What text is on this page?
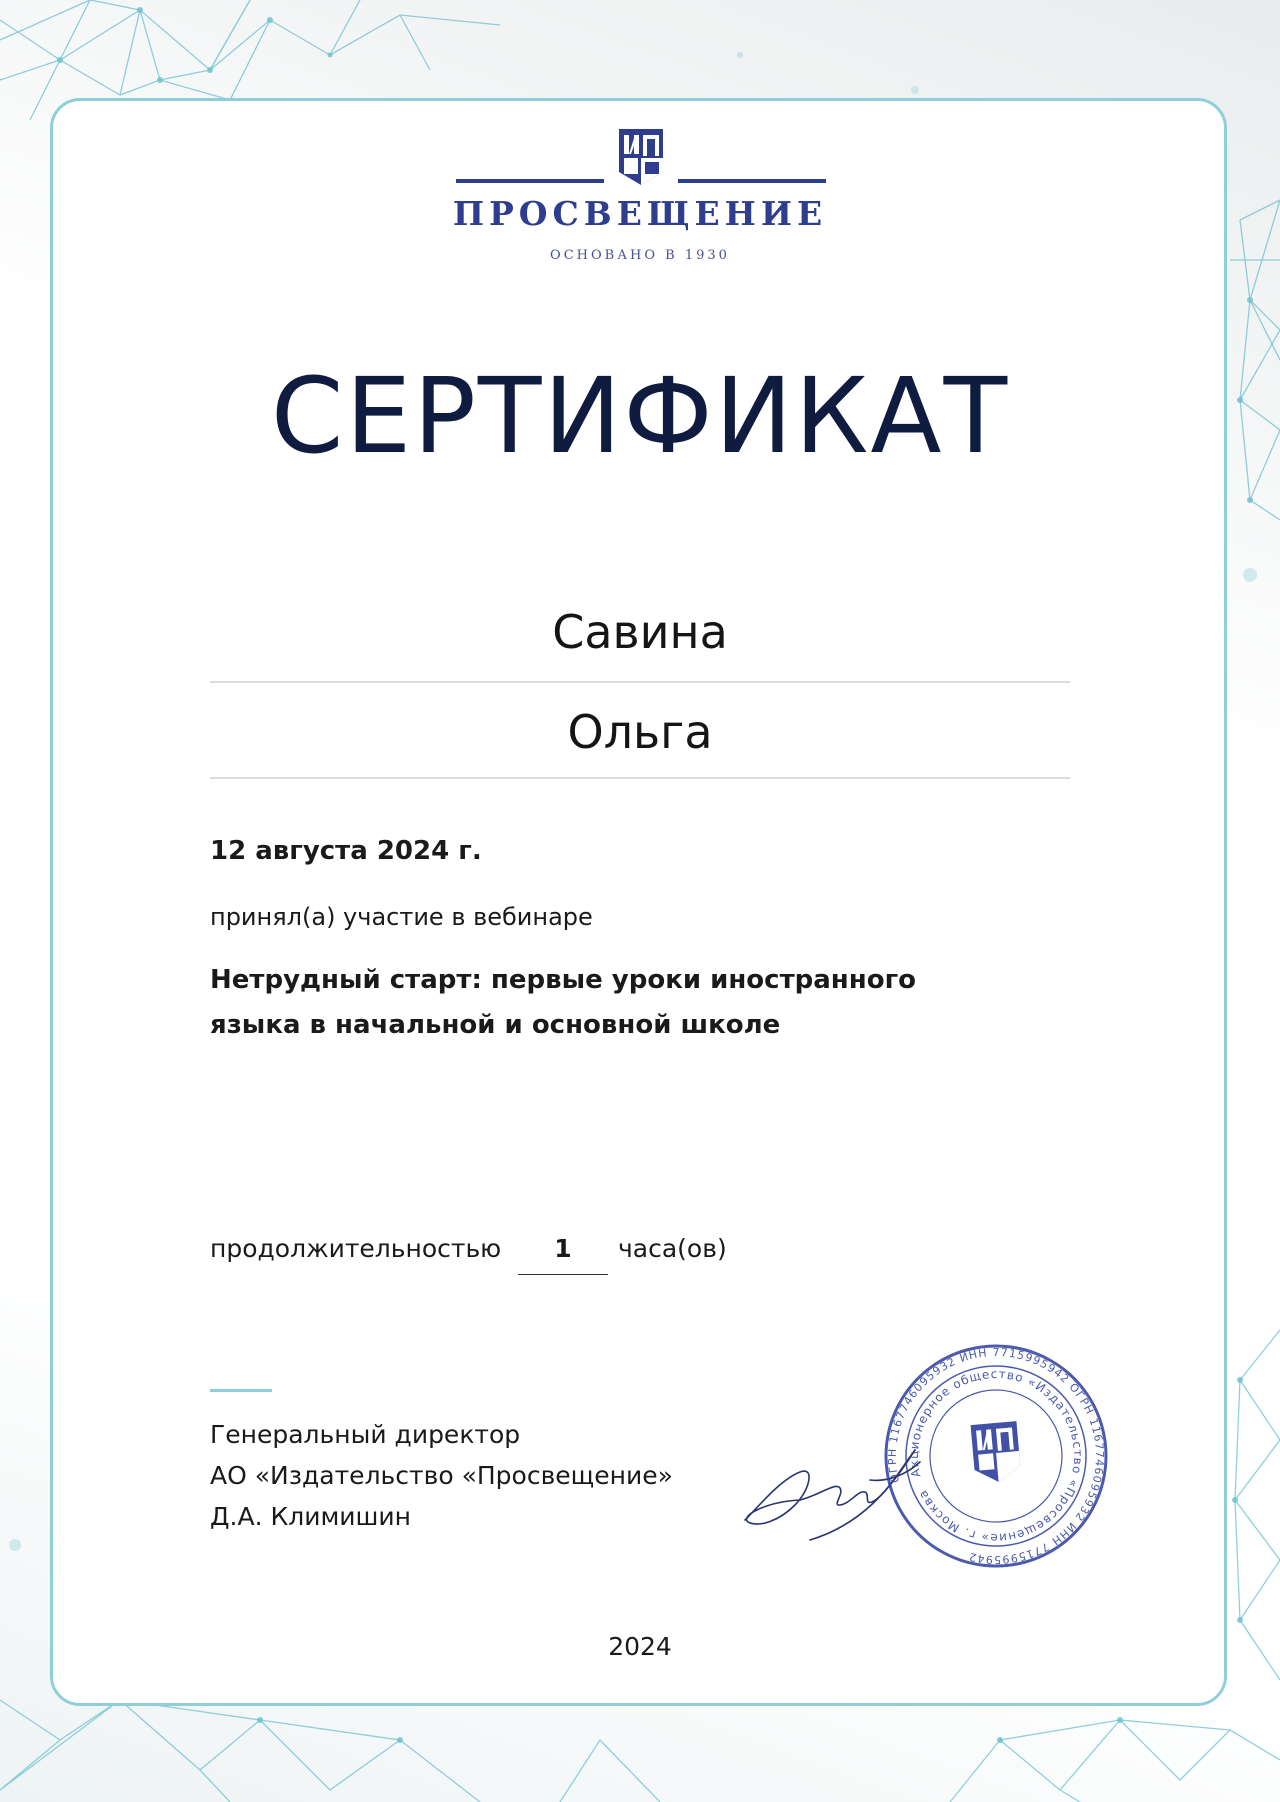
ПРОСВЕЩЕНИЕ
ОСНОВАНО В 1930
СЕРТИФИКАТ
Савина
Ольга
12 августа 2024 г.
принял(а) участие в вебинаре
Нетрудный старт: первые уроки иностранного
языка в начальной и основной школе
продолжительностью	1	часа(ов)
Генеральный директор
АО «Издательство «Просвещение»
Д.А. Климишин
ОГРН 1167746095932 ИНН 7715995942 ОГРН 1167746095932 ИНН 7715995942
Акционерное общество «Издательство «Просвещение» г. Москва
2024
